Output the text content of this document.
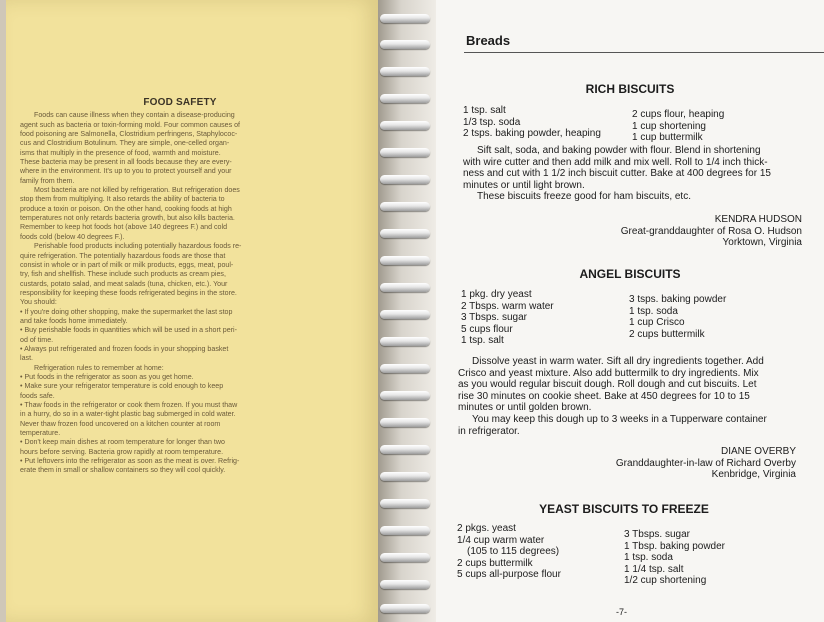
FOOD SAFETY
Foods can cause illness when they contain a disease-producing
agent such as bacteria or toxin-forming mold. Four common causes of
food poisoning are Salmonella, Clostridium perfringens, Staphylococ-
cus and Clostridium Botulinum. They are simple, one-celled organ-
isms that multiply in the presence of food, warmth and moisture.
These bacteria may be present in all foods because they are every-
where in the environment. It's up to you to protect yourself and your
family from them.
Most bacteria are not killed by refrigeration. But refrigeration does
stop them from multiplying. It also retards the ability of bacteria to
produce a toxin or poison. On the other hand, cooking foods at high
temperatures not only retards bacteria growth, but also kills bacteria.
Remember to keep hot foods hot (above 140 degrees F.) and cold
foods cold (below 40 degrees F.).
Perishable food products including potentially hazardous foods re-
quire refrigeration. The potentially hazardous foods are those that
consist in whole or in part of milk or milk products, eggs, meat, poul-
try, fish and shellfish. These include such products as cream pies,
custards, potato salad, and meat salads (tuna, chicken, etc.). Your
responsibility for keeping these foods refrigerated begins in the store.
You should:
• If you're doing other shopping, make the supermarket the last stop
and take foods home immediately.
• Buy perishable foods in quantities which will be used in a short peri-
od of time.
• Always put refrigerated and frozen foods in your shopping basket
last.
Refrigeration rules to remember at home:
• Put foods in the refrigerator as soon as you get home.
• Make sure your refrigerator temperature is cold enough to keep
foods safe.
• Thaw foods in the refrigerator or cook them frozen. If you must thaw
in a hurry, do so in a water-tight plastic bag submerged in cold water.
Never thaw frozen food uncovered on a kitchen counter at room
temperature.
• Don't keep main dishes at room temperature for longer than two
hours before serving. Bacteria grow rapidly at room temperature.
• Put leftovers into the refrigerator as soon as the meat is over. Refrig-
erate them in small or shallow containers so they will cool quickly.
Breads
RICH BISCUITS
1 tsp. salt
1/3 tsp. soda
2 tsps. baking powder, heaping
2 cups flour, heaping
1 cup shortening
1 cup buttermilk

Sift salt, soda, and baking powder with flour. Blend in shortening

with wire cutter and then add milk and mix well. Roll to 1/4 inch thick-
ness and cut with 1 1/2 inch biscuit cutter. Bake at 400 degrees for 15
minutes or until light brown.

These biscuits freeze good for ham biscuits, etc.

KENDRA HUDSON
Great-granddaughter of Rosa O. Hudson
Yorktown, Virginia
ANGEL BISCUITS
1 pkg. dry yeast
2 Tbsps. warm water
3 Tbsps. sugar
5 cups flour
1 tsp. salt
3 tsps. baking powder
1 tsp. soda
1 cup Crisco
2 cups buttermilk

Dissolve yeast in warm water. Sift all dry ingredients together. Add

Crisco and yeast mixture. Also add buttermilk to dry ingredients. Mix
as you would regular biscuit dough. Roll dough and cut biscuits. Let
rise 30 minutes on cookie sheet. Bake at 450 degrees for 10 to 15
minutes or until golden brown.

You may keep this dough up to 3 weeks in a Tupperware container

in refrigerator.
DIANE OVERBY
Granddaughter-in-law of Richard Overby
Kenbridge, Virginia
YEAST BISCUITS TO FREEZE
2 pkgs. yeast
1/4 cup warm water
(105 to 115 degrees)
2 cups buttermilk
5 cups all-purpose flour
3 Tbsps. sugar
1 Tbsp. baking powder
1 tsp. soda
1 1/4 tsp. salt
1/2 cup shortening
-7-
